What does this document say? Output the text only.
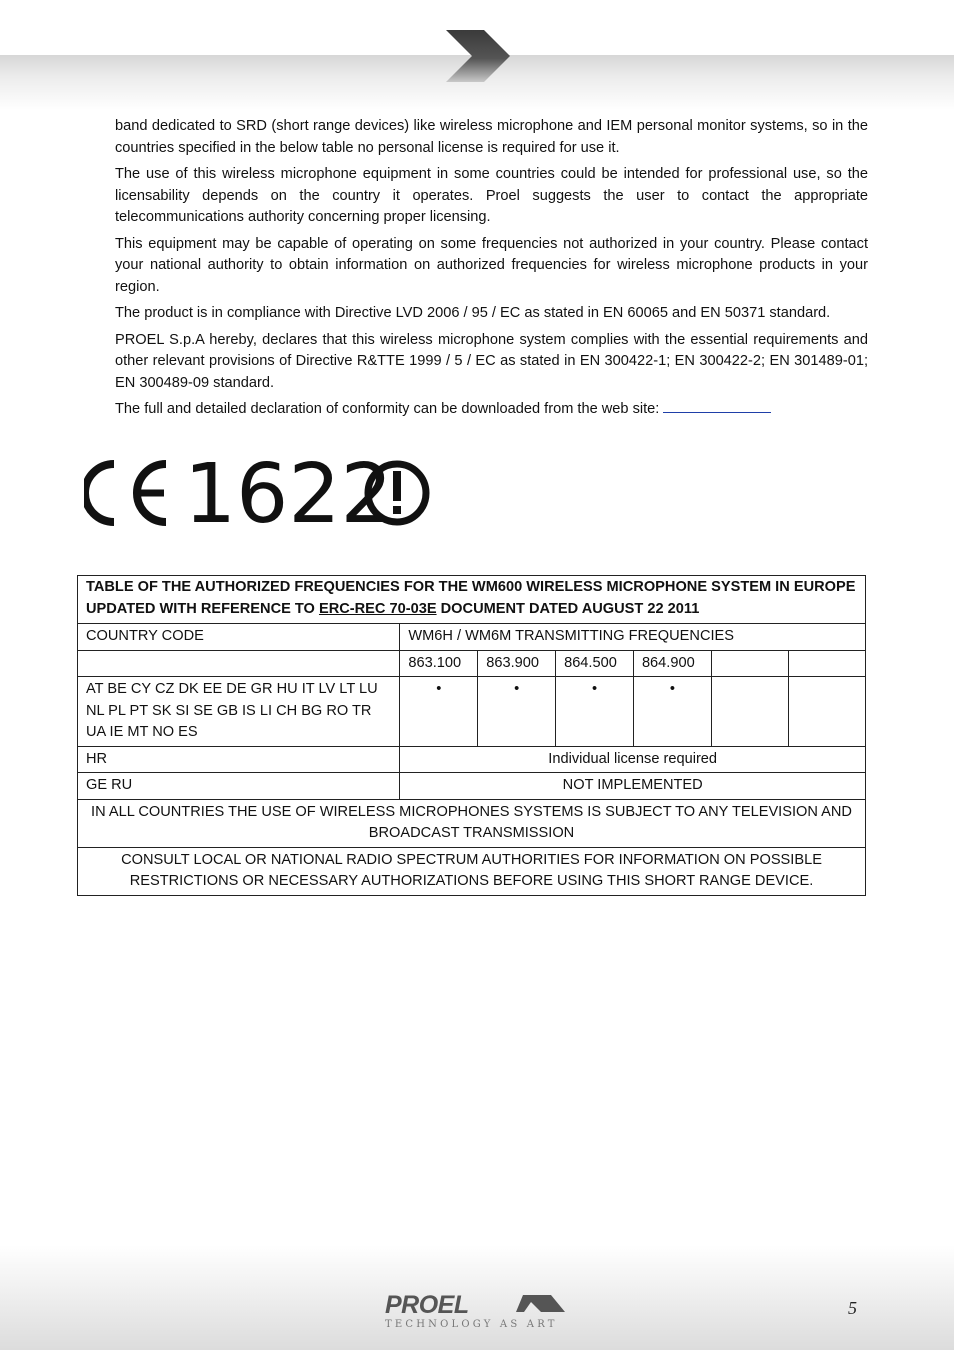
band dedicated to SRD (short range devices) like wireless microphone and IEM personal monitor systems, so in the countries specified in the below table no personal license is required for use it.

The use of this wireless microphone equipment in some countries could be intended for professional use, so the licensability depends on the country it operates. Proel suggests the user to contact the appropriate telecommunications authority concerning proper licensing.

This equipment may be capable of operating on some frequencies not authorized in your country. Please contact your national authority to obtain information on authorized frequencies for wireless microphone products in your region.

The product is in compliance with Directive LVD 2006 / 95 / EC as stated in EN 60065 and EN 50371 standard.

PROEL S.p.A hereby, declares that this wireless microphone system complies with the essential requirements and other relevant provisions of Directive R&TTE 1999 / 5 / EC as stated in EN 300422-1; EN 300422-2; EN 301489-01; EN 300489-09 standard.

The full and detailed declaration of conformity can be downloaded from the web site:

1622
TABLE OF THE AUTHORIZED FREQUENCIES FOR THE WM600 WIRELESS MICROPHONE SYSTEM IN EUROPE UPDATED WITH REFERENCE TO ERC-REC 70-03E DOCUMENT DATED AUGUST 22 2011						
COUNTRY CODE	WM6H / WM6M TRANSMITTING FREQUENCIES					
	863.100	863.900	864.500	864.900		
AT BE CY CZ DK EE DE GR HU IT LV LT LU NL PL PT SK SI SE GB IS LI CH BG RO TR UA IE MT NO ES	•	•	•	•		
HR	Individual license required					
GE RU	NOT IMPLEMENTED					
IN ALL COUNTRIES THE USE OF WIRELESS MICROPHONES SYSTEMS IS SUBJECT TO ANY TELEVISION AND BROADCAST TRANSMISSION						
CONSULT LOCAL OR NATIONAL RADIO SPECTRUM AUTHORITIES FOR INFORMATION ON POSSIBLE RESTRICTIONS OR NECESSARY AUTHORIZATIONS BEFORE USING THIS SHORT RANGE DEVICE.						
PROEL
TECHNOLOGY AS ART
5
